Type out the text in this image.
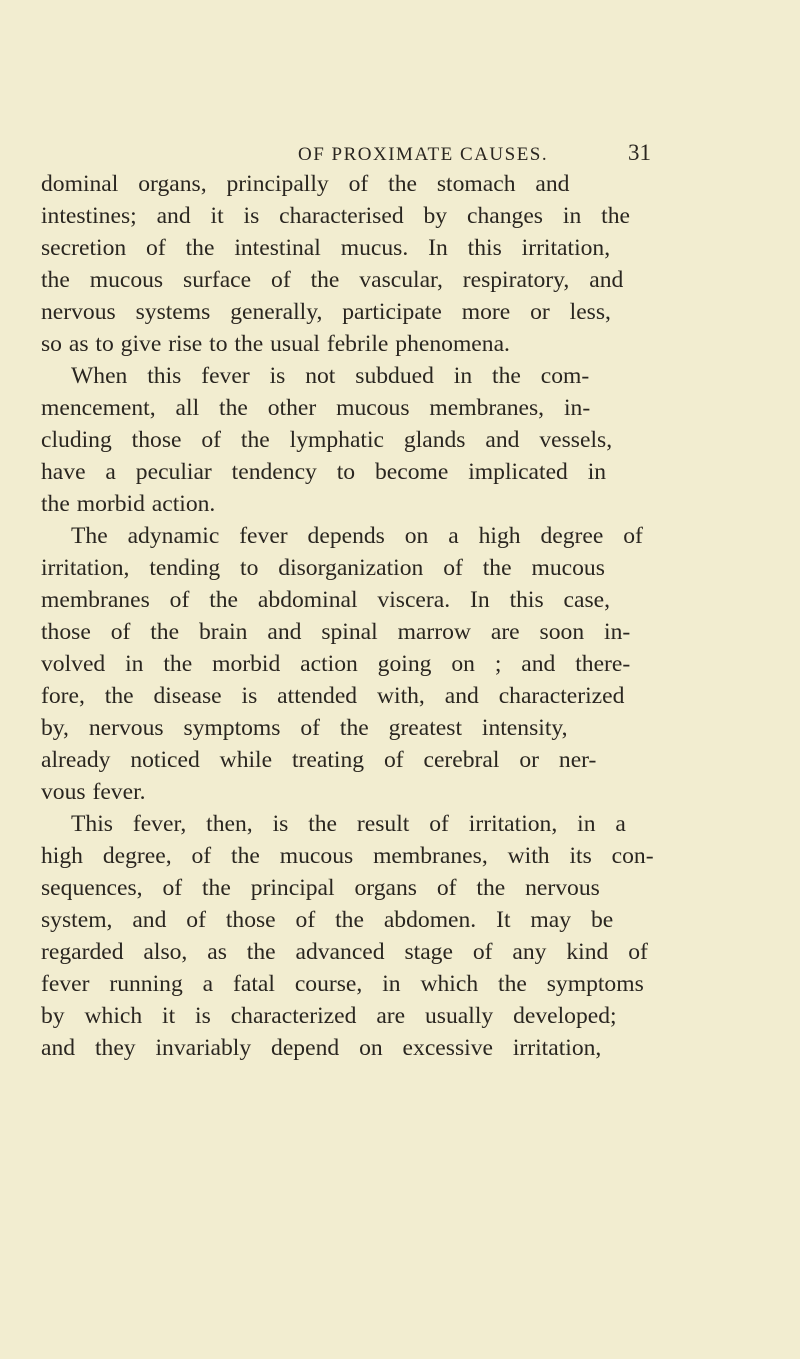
OF PROXIMATE CAUSES.	31
dominal organs, principally of the stomach and
intestines; and it is characterised by changes in the
secretion of the intestinal mucus. In this irritation,
the mucous surface of the vascular, respiratory, and
nervous systems generally, participate more or less,
so as to give rise to the usual febrile phenomena.
When this fever is not subdued in the com-
mencement, all the other mucous membranes, in-
cluding those of the lymphatic glands and vessels,
have a peculiar tendency to become implicated in
the morbid action.
The adynamic fever depends on a high degree of
irritation, tending to disorganization of the mucous
membranes of the abdominal viscera. In this case,
those of the brain and spinal marrow are soon in-
volved in the morbid action going on ; and there-
fore, the disease is attended with, and characterized
by, nervous symptoms of the greatest intensity,
already noticed while treating of cerebral or ner-
vous fever.
This fever, then, is the result of irritation, in a
high degree, of the mucous membranes, with its con-
sequences, of the principal organs of the nervous
system, and of those of the abdomen. It may be
regarded also, as the advanced stage of any kind of
fever running a fatal course, in which the symptoms
by which it is characterized are usually developed;
and they invariably depend on excessive irritation,
